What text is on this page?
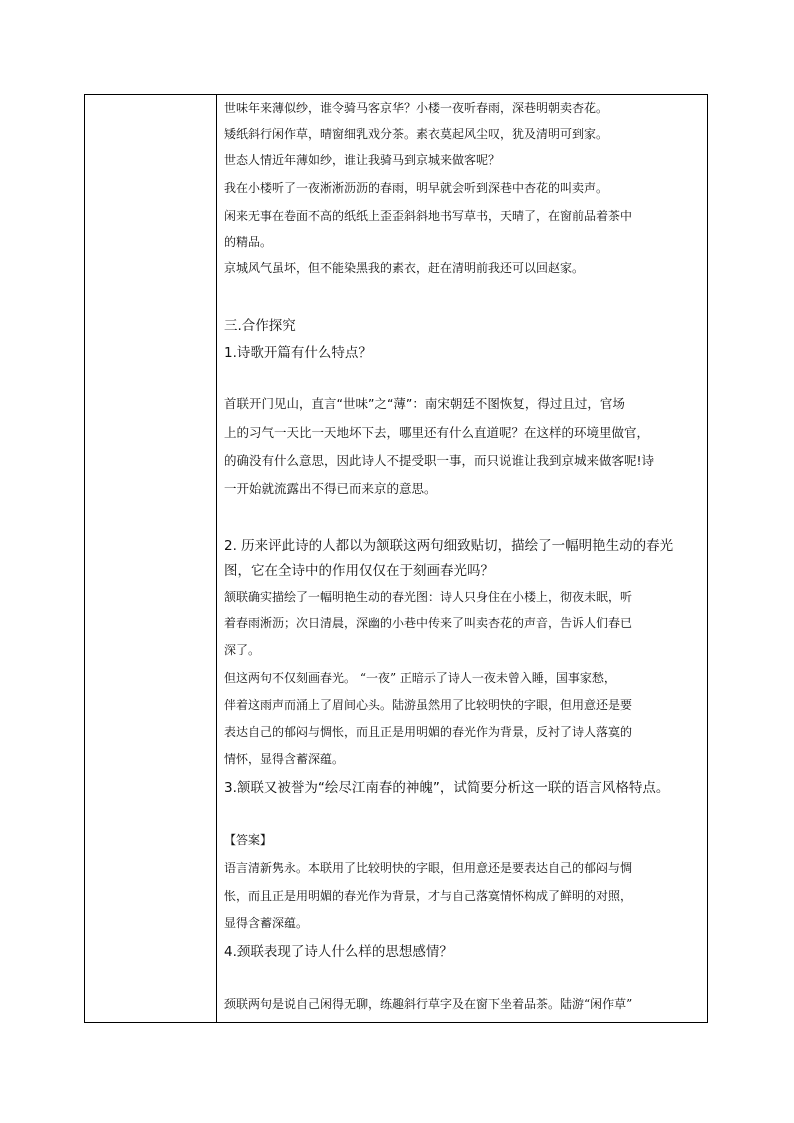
世味年来薄似纱，谁令骑马客京华？小楼一夜听春雨，深巷明朝卖杏花。
矮纸斜行闲作草，晴窗细乳戏分茶。素衣莫起风尘叹，犹及清明可到家。
世态人情近年薄如纱，谁让我骑马到京城来做客呢？
我在小楼听了一夜淅淅沥沥的春雨，明早就会听到深巷中杏花的叫卖声。
闲来无事在卷面不高的纸纸上歪歪斜斜地书写草书，天晴了，在窗前品着茶中
的精品。
京城风气虽坏，但不能染黑我的素衣，赶在清明前我还可以回赵家。
三.合作探究
1.诗歌开篇有什么特点？
首联开门见山，直言“世味”之“薄”：南宋朝廷不图恢复，得过且过，官场
上的习气一天比一天地坏下去，哪里还有什么直道呢？在这样的环境里做官，
的确没有什么意思，因此诗人不提受职一事，而只说谁让我到京城来做客呢!诗
一开始就流露出不得已而来京的意思。
2. 历来评此诗的人都以为颔联这两句细致贴切，描绘了一幅明艳生动的春光
图，它在全诗中的作用仅仅在于刻画春光吗？
颔联确实描绘了一幅明艳生动的春光图：诗人只身住在小楼上，彻夜未眠，听
着春雨淅沥；次日清晨，深幽的小巷中传来了叫卖杏花的声音，告诉人们春已
深了。
但这两句不仅刻画春光。 “一夜” 正暗示了诗人一夜未曾入睡，国事家愁，
伴着这雨声而涌上了眉间心头。陆游虽然用了比较明快的字眼，但用意还是要
表达自己的郁闷与惆怅，而且正是用明媚的春光作为背景，反衬了诗人落寞的
情怀，显得含蓄深蕴。
3.颔联又被誉为“绘尽江南春的神魄”，试简要分析这一联的语言风格特点。
【答案】
语言清新隽永。本联用了比较明快的字眼，但用意还是要表达自己的郁闷与惆
怅，而且正是用明媚的春光作为背景，才与自己落寞情怀构成了鲜明的对照，
显得含蓄深蕴。
4.颈联表现了诗人什么样的思想感情？
颈联两句是说自己闲得无聊，练趣斜行草字及在窗下坐着品茶。陆游“闲作草”
